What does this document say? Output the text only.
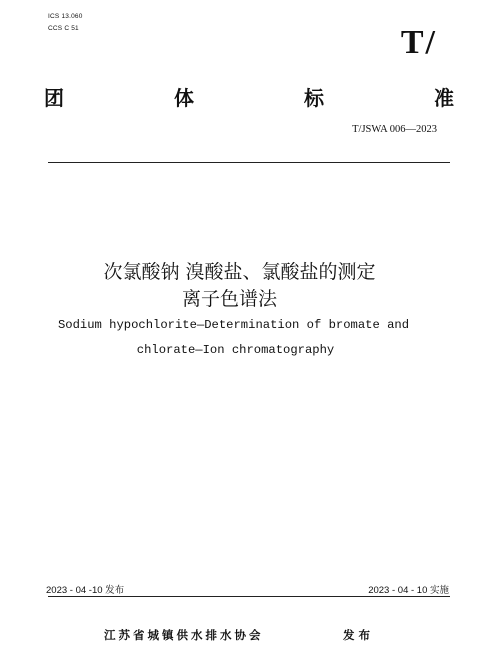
ICS 13.060
CCS C 51	T/
团	体	标	准
T/JSWA 006—2023
次氯酸钠 溴酸盐、氯酸盐的测定
离子色谱法
Sodium hypochlorite—Determination of bromate and
chlorate—Ion chromatography
2023 - 04 -10 发布	2023 - 04 - 10 实施
江苏省城镇供水排水协会	发布
